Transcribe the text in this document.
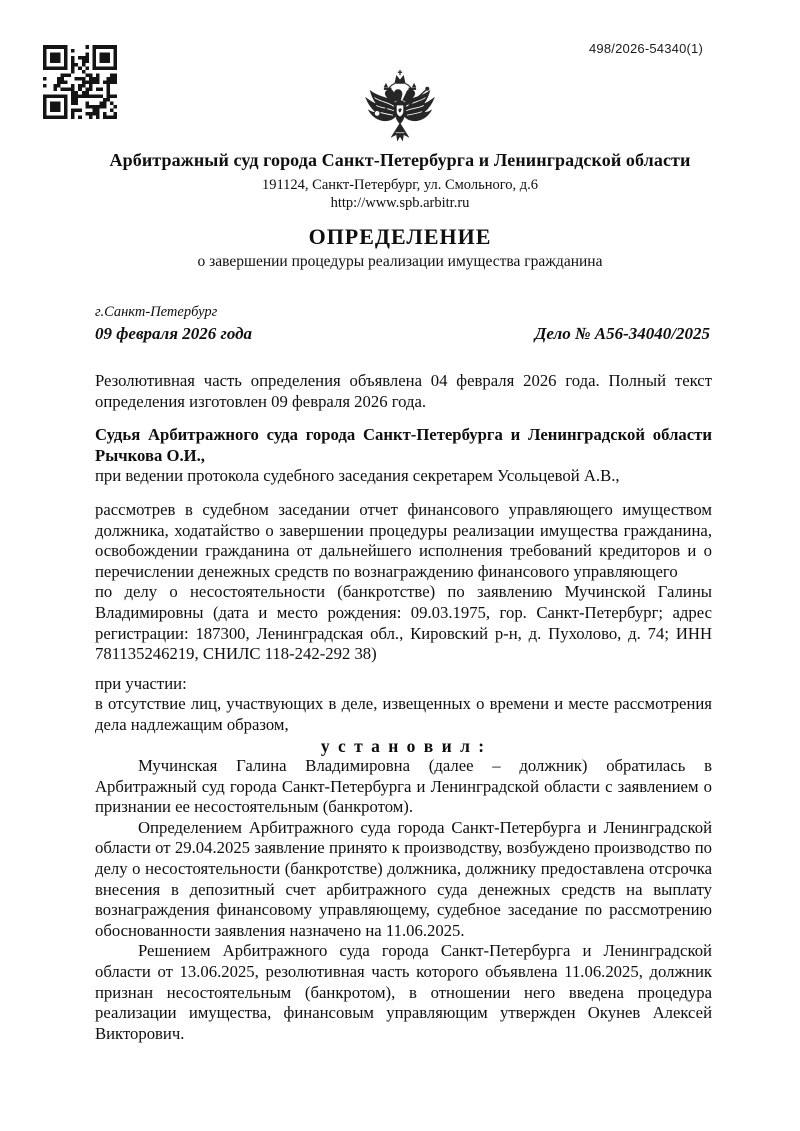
498/2026-54340(1)
Арбитражный суд города Санкт-Петербурга и Ленинградской области
191124, Санкт-Петербург, ул. Смольного, д.6
http://www.spb.arbitr.ru
ОПРЕДЕЛЕНИЕ
о завершении процедуры реализации имущества гражданина
г.Санкт-Петербург
09 февраля 2026 года	Дело № А56-34040/2025

Резолютивная часть определения объявлена 04 февраля 2026 года. Полный текст определения изготовлен 09 февраля 2026 года.

Судья Арбитражного суда города Санкт-Петербурга и Ленинградской области Рычкова О.И.,

при ведении протокола судебного заседания секретарем Усольцевой А.В.,

рассмотрев в судебном заседании отчет финансового управляющего имуществом должника, ходатайство о завершении процедуры реализации имущества гражданина, освобождении гражданина от дальнейшего исполнения требований кредиторов и о перечислении денежных средств по вознаграждению финансового управляющего

по делу о несостоятельности (банкротстве) по заявлению Мучинской Галины Владимировны (дата и место рождения: 09.03.1975, гор. Санкт-Петербург; адрес регистрации: 187300, Ленинградская обл., Кировский р-н, д. Пухолово, д. 74; ИНН 781135246219, СНИЛС 118-242-292 38)

при участии:

в отсутствие лиц, участвующих в деле, извещенных о времени и месте рассмотрения дела надлежащим образом,

у с т а н о в и л :

Мучинская Галина Владимировна (далее – должник) обратилась в Арбитражный суд города Санкт-Петербурга и Ленинградской области с заявлением о признании ее несостоятельным (банкротом).

Определением Арбитражного суда города Санкт-Петербурга и Ленинградской области от 29.04.2025 заявление принято к производству, возбуждено производство по делу о несостоятельности (банкротстве) должника, должнику предоставлена отсрочка внесения в депозитный счет арбитражного суда денежных средств на выплату вознаграждения финансовому управляющему, судебное заседание по рассмотрению обоснованности заявления назначено на 11.06.2025.

Решением Арбитражного суда города Санкт-Петербурга и Ленинградской области от 13.06.2025, резолютивная часть которого объявлена 11.06.2025, должник признан несостоятельным (банкротом), в отношении него введена процедура реализации имущества, финансовым управляющим утвержден Окунев Алексей Викторович.
